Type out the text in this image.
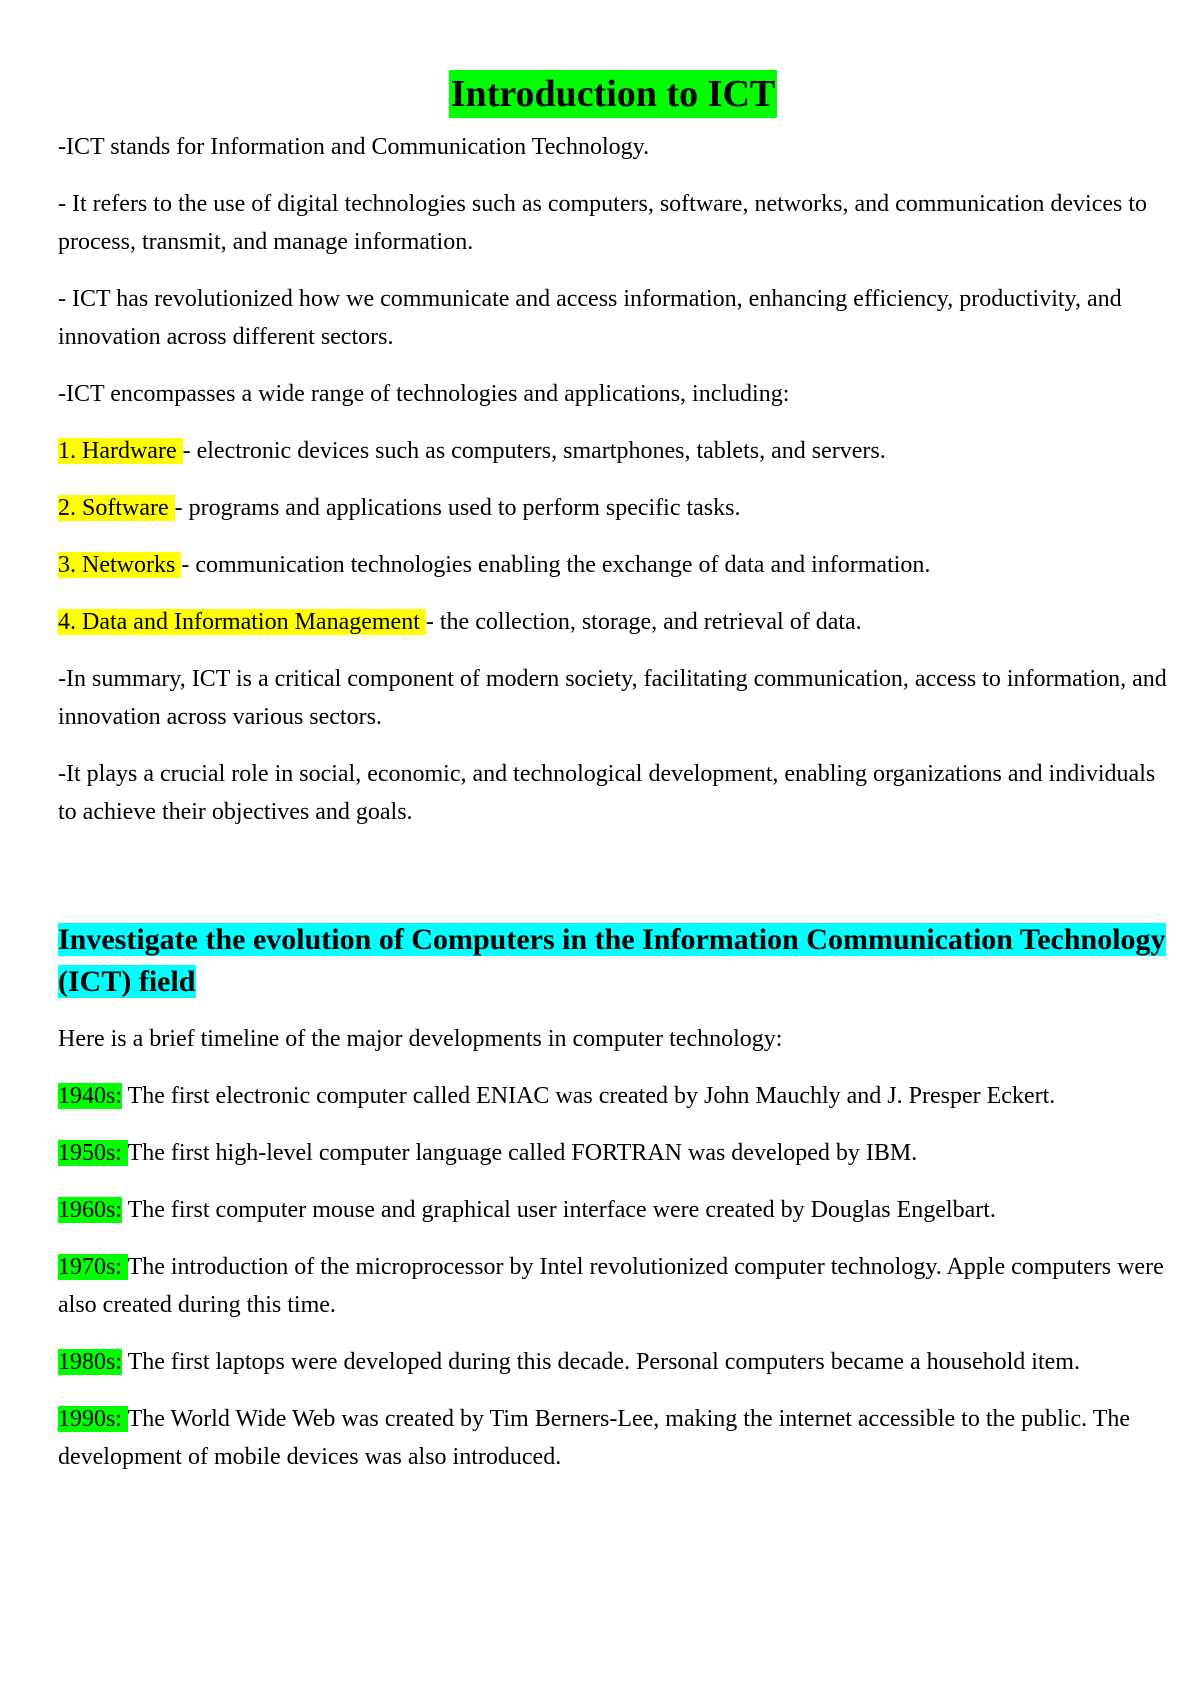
Introduction to ICT

-ICT stands for Information and Communication Technology.

- It refers to the use of digital technologies such as computers, software, networks, and communication devices to process, transmit, and manage information.

- ICT has revolutionized how we communicate and access information, enhancing efficiency, productivity, and innovation across different sectors.

-ICT encompasses a wide range of technologies and applications, including:

1. Hardware - electronic devices such as computers, smartphones, tablets, and servers.

2. Software - programs and applications used to perform specific tasks.

3. Networks - communication technologies enabling the exchange of data and information.

4. Data and Information Management - the collection, storage, and retrieval of data.

-In summary, ICT is a critical component of modern society, facilitating communication, access to information, and innovation across various sectors.

-It plays a crucial role in social, economic, and technological development, enabling organizations and individuals to achieve their objectives and goals.

Investigate the evolution of Computers in the Information Communication Technology (ICT) field

Here is a brief timeline of the major developments in computer technology:

1940s: The first electronic computer called ENIAC was created by John Mauchly and J. Presper Eckert.

1950s: The first high-level computer language called FORTRAN was developed by IBM.

1960s: The first computer mouse and graphical user interface were created by Douglas Engelbart.

1970s: The introduction of the microprocessor by Intel revolutionized computer technology. Apple computers were also created during this time.

1980s: The first laptops were developed during this decade. Personal computers became a household item.

1990s: The World Wide Web was created by Tim Berners-Lee, making the internet accessible to the public. The development of mobile devices was also introduced.
